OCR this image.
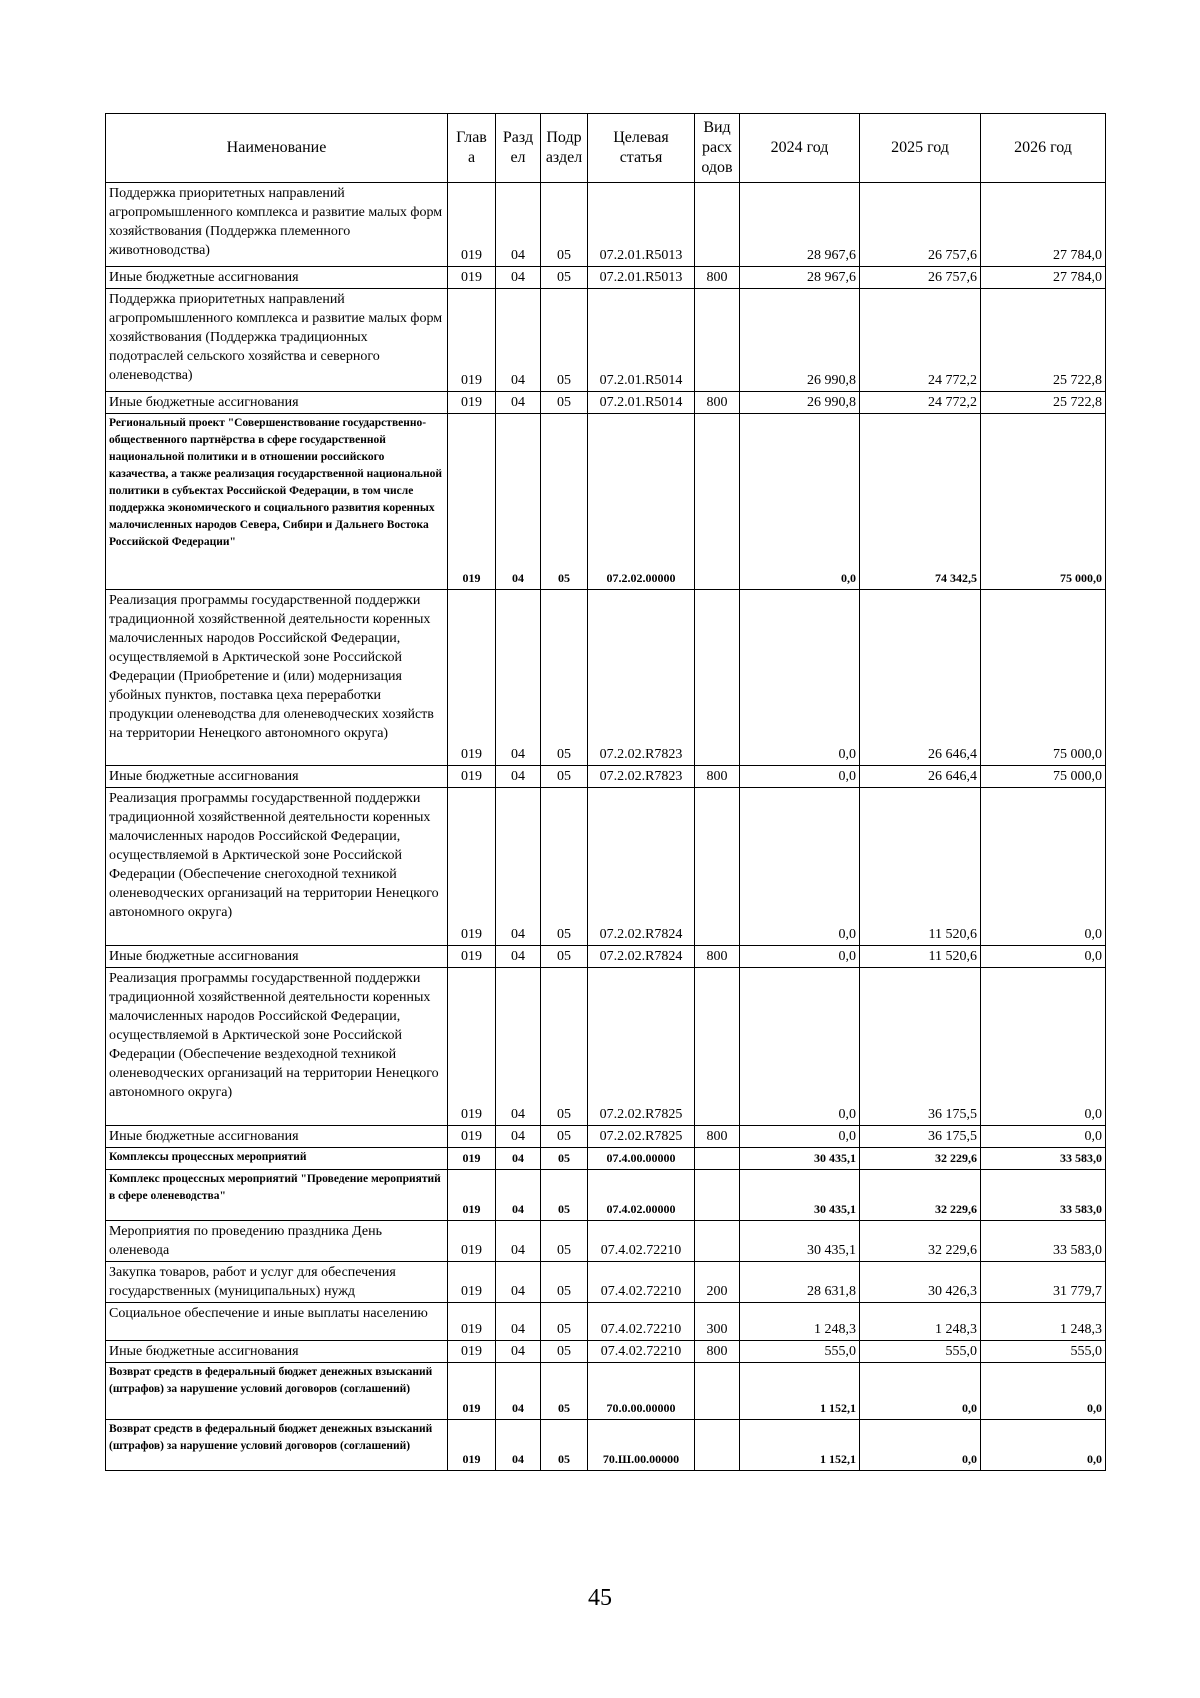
Наименование	Глав а	Разд ел	Подр аздел	Целевая статья	Вид расх одов	2024 год	2025 год	2026 год
Поддержка приоритетных направлений агропромышленного комплекса и развитие малых форм хозяйствования (Поддержка племенного животноводства)	019	04	05	07.2.01.R5013		28 967,6	26 757,6	27 784,0
Иные бюджетные ассигнования	019	04	05	07.2.01.R5013	800	28 967,6	26 757,6	27 784,0
Поддержка приоритетных направлений агропромышленного комплекса и развитие малых форм хозяйствования (Поддержка традиционных подотраслей сельского хозяйства и северного оленеводства)	019	04	05	07.2.01.R5014		26 990,8	24 772,2	25 722,8
Иные бюджетные ассигнования	019	04	05	07.2.01.R5014	800	26 990,8	24 772,2	25 722,8
Региональный проект "Совершенствование государственно-общественного партнёрства в сфере государственной национальной политики и в отношении российского казачества, а также реализация государственной национальной политики в субъектах Российской Федерации, в том числе поддержка экономического и социального развития коренных малочисленных народов Севера, Сибири и Дальнего Востока Российской Федерации"	019	04	05	07.2.02.00000		0,0	74 342,5	75 000,0
Реализация программы государственной поддержки традиционной хозяйственной деятельности коренных малочисленных народов Российской Федерации, осуществляемой в Арктической зоне Российской Федерации (Приобретение и (или) модернизация убойных пунктов, поставка цеха переработки продукции оленеводства для оленеводческих хозяйств на территории Ненецкого автономного округа)	019	04	05	07.2.02.R7823		0,0	26 646,4	75 000,0
Иные бюджетные ассигнования	019	04	05	07.2.02.R7823	800	0,0	26 646,4	75 000,0
Реализация программы государственной поддержки традиционной хозяйственной деятельности коренных малочисленных народов Российской Федерации, осуществляемой в Арктической зоне Российской Федерации (Обеспечение снегоходной техникой оленеводческих организаций на территории Ненецкого автономного округа)	019	04	05	07.2.02.R7824		0,0	11 520,6	0,0
Иные бюджетные ассигнования	019	04	05	07.2.02.R7824	800	0,0	11 520,6	0,0
Реализация программы государственной поддержки традиционной хозяйственной деятельности коренных малочисленных народов Российской Федерации, осуществляемой в Арктической зоне Российской Федерации (Обеспечение вездеходной техникой оленеводческих организаций на территории Ненецкого автономного округа)	019	04	05	07.2.02.R7825		0,0	36 175,5	0,0
Иные бюджетные ассигнования	019	04	05	07.2.02.R7825	800	0,0	36 175,5	0,0
Комплексы процессных мероприятий	019	04	05	07.4.00.00000		30 435,1	32 229,6	33 583,0
Комплекс процессных мероприятий "Проведение мероприятий в сфере оленеводства"	019	04	05	07.4.02.00000		30 435,1	32 229,6	33 583,0
Мероприятия по проведению праздника День оленевода	019	04	05	07.4.02.72210		30 435,1	32 229,6	33 583,0
Закупка товаров, работ и услуг для обеспечения государственных (муниципальных) нужд	019	04	05	07.4.02.72210	200	28 631,8	30 426,3	31 779,7
Социальное обеспечение и иные выплаты населению	019	04	05	07.4.02.72210	300	1 248,3	1 248,3	1 248,3
Иные бюджетные ассигнования	019	04	05	07.4.02.72210	800	555,0	555,0	555,0
Возврат средств в федеральный бюджет денежных взысканий (штрафов) за нарушение условий договоров (соглашений)	019	04	05	70.0.00.00000		1 152,1	0,0	0,0
Возврат средств в федеральный бюджет денежных взысканий (штрафов) за нарушение условий договоров (соглашений)	019	04	05	70.Ш.00.00000		1 152,1	0,0	0,0
45
